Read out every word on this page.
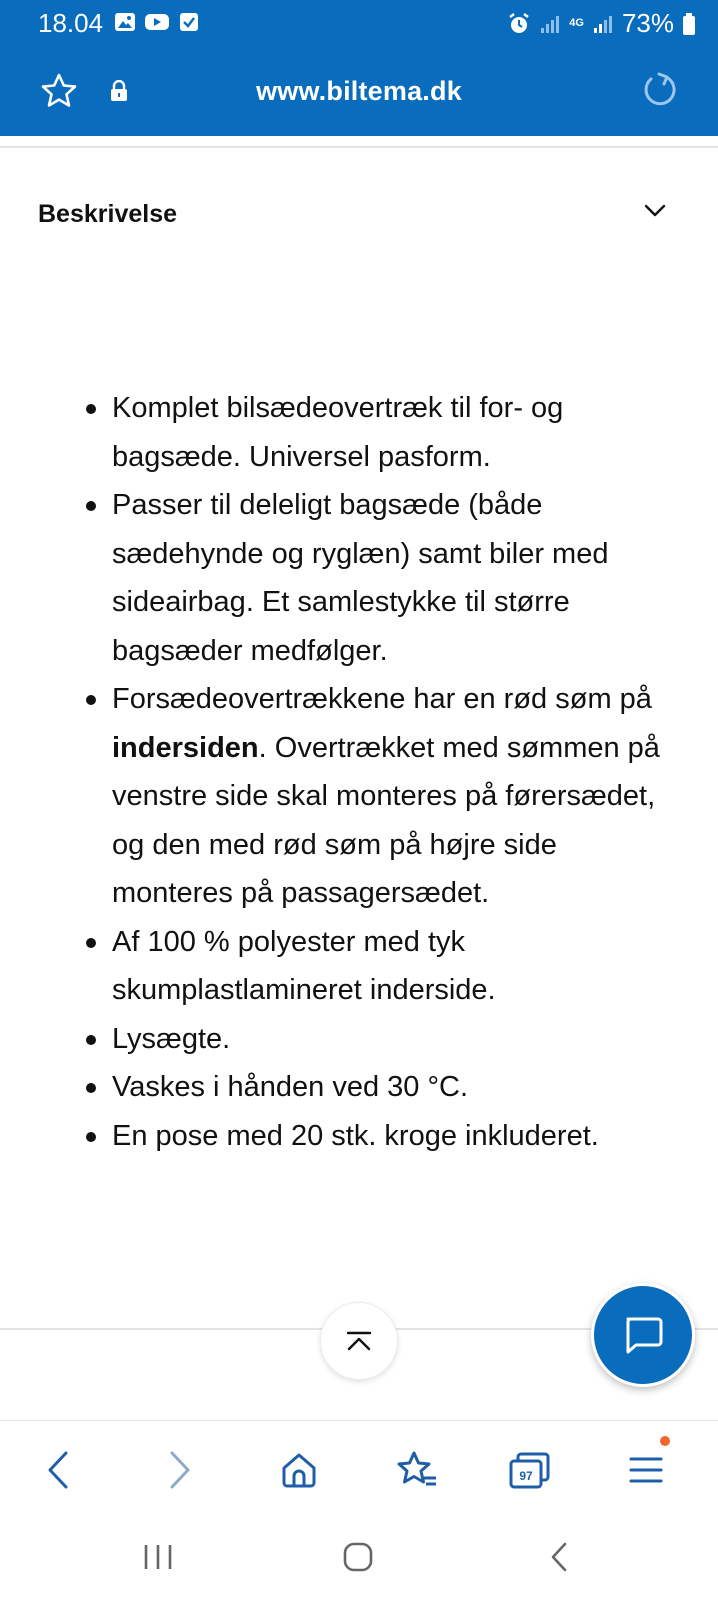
18.04	4G 73%
www.biltema.dk
Beskrivelse
Komplet bilsædeovertræk til for- og bagsæde. Universel pasform.
Passer til deleligt bagsæde (både sædehynde og ryglæn) samt biler med sideairbag. Et samlestykke til større bagsæder medfølger.
Forsædeovertrækkene har en rød søm på indersiden. Overtrækket med sømmen på venstre side skal monteres på førersædet, og den med rød søm på højre side monteres på passagersædet.
Af 100 % polyester med tyk skumplastlamineret inderside.
Lysægte.
Vaskes i hånden ved 30 °C.
En pose med 20 stk. kroge inkluderet.
97
